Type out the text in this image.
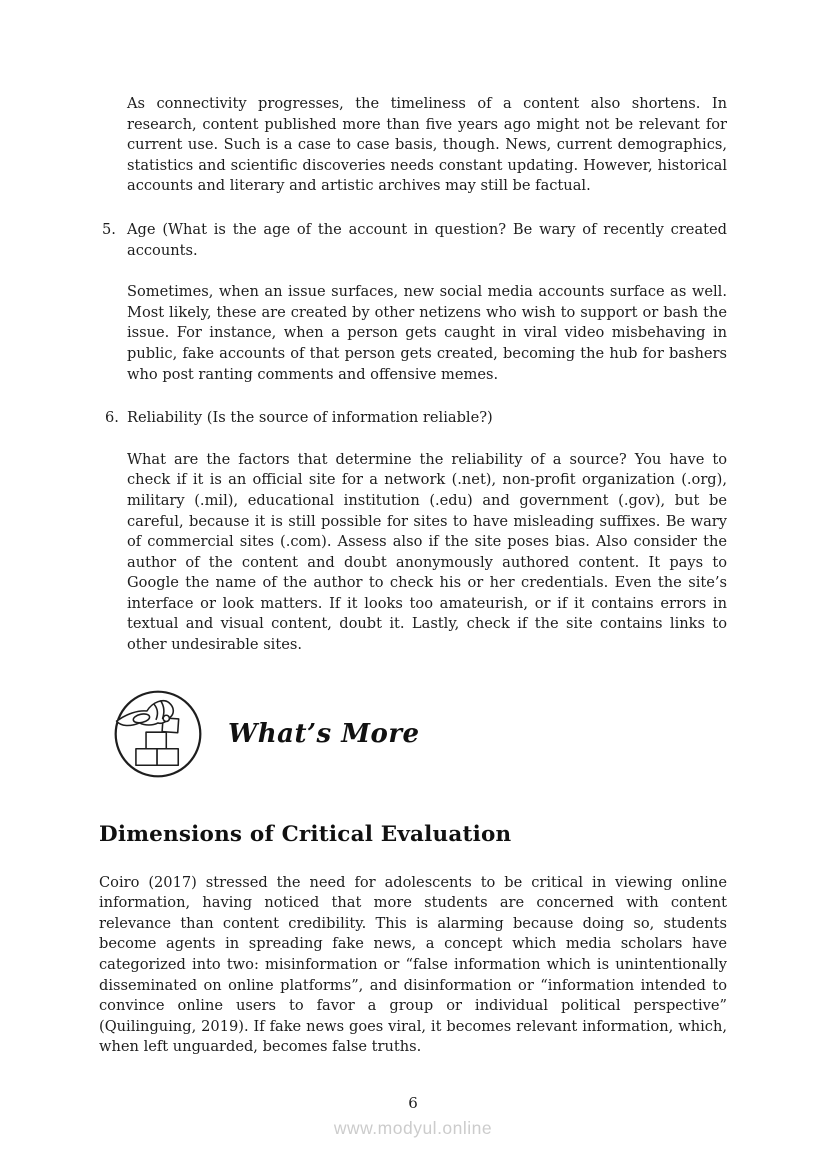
As connectivity progresses, the timeliness of a content also shortens. In research, content published more than five years ago might not be relevant for current use. Such is a case to case basis, though. News, current demographics, statistics and scientific discoveries needs constant updating. However, historical accounts and literary and artistic archives may still be factual.

5. Age (What is the age of the account in question? Be wary of recently created accounts.

Sometimes, when an issue surfaces, new social media accounts surface as well. Most likely, these are created by other netizens who wish to support or bash the issue. For instance, when a person gets caught in viral video misbehaving in public, fake accounts of that person gets created, becoming the hub for bashers who post ranting comments and offensive memes.

6. Reliability (Is the source of information reliable?)

What are the factors that determine the reliability of a source? You have to check if it is an official site for a network (.net), non-profit organization (.org), military (.mil), educational institution (.edu) and government (.gov), but be careful, because it is still possible for sites to have misleading suffixes. Be wary of commercial sites (.com). Assess also if the site poses bias. Also consider the author of the content and doubt anonymously authored content. It pays to Google the name of the author to check his or her credentials. Even the site’s interface or look matters. If it looks too amateurish, or if it contains errors in textual and visual content, doubt it. Lastly, check if the site contains links to other undesirable sites.

What’s More
Dimensions of Critical Evaluation

Coiro (2017) stressed the need for adolescents to be critical in viewing online information, having noticed that more students are concerned with content relevance than content credibility. This is alarming because doing so, students become agents in spreading fake news, a concept which media scholars have categorized into two: misinformation or “false information which is unintentionally disseminated on online platforms”, and disinformation or “information intended to convince online users to favor a group or individual political perspective” (Quilinguing, 2019). If fake news goes viral, it becomes relevant information, which, when left unguarded, becomes false truths.

6
www.modyul.online
